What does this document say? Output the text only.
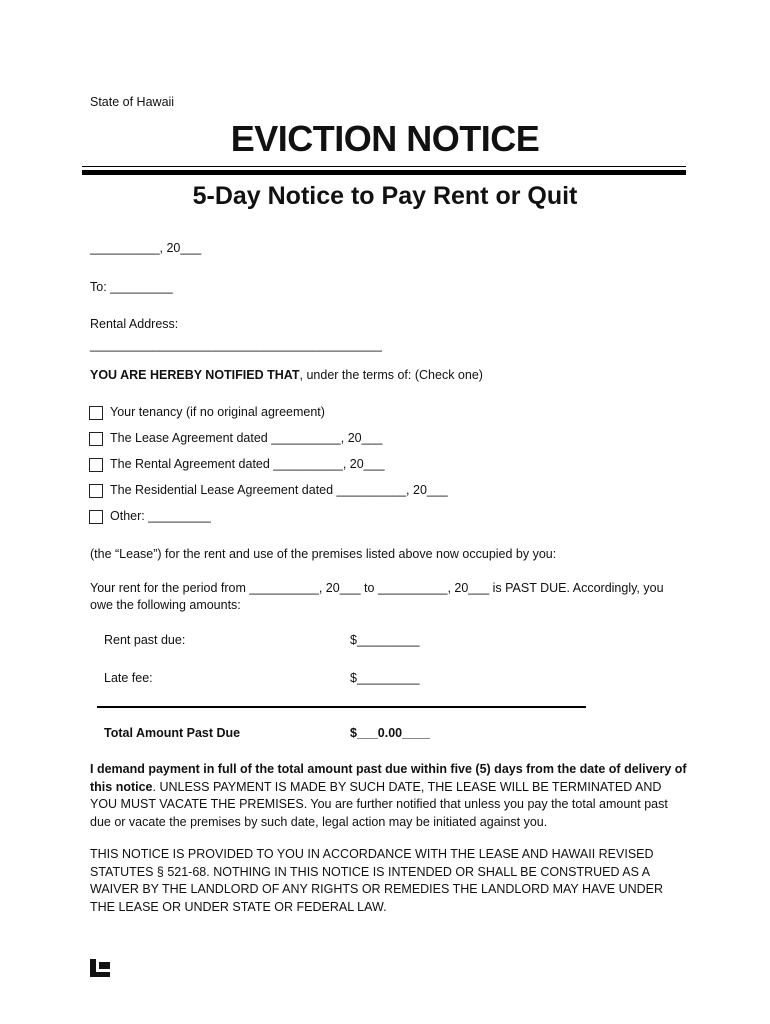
State of Hawaii
EVICTION NOTICE
5-Day Notice to Pay Rent or Quit
__________, 20___
To: _________
Rental Address:
__________________________________________
YOU ARE HEREBY NOTIFIED THAT, under the terms of: (Check one)
Your tenancy (if no original agreement)
The Lease Agreement dated __________, 20___
The Rental Agreement dated __________, 20___
The Residential Lease Agreement dated __________, 20___
Other: _________
(the “Lease”) for the rent and use of the premises listed above now occupied by you:
Your rent for the period from __________, 20___ to __________, 20___ is PAST DUE. Accordingly, you owe the following amounts:
Rent past due:	$_________
Late fee:	$_________
Total Amount Past Due	$___0.00____
I demand payment in full of the total amount past due within five (5) days from the date of delivery of this notice. UNLESS PAYMENT IS MADE BY SUCH DATE, THE LEASE WILL BE TERMINATED AND YOU MUST VACATE THE PREMISES. You are further notified that unless you pay the total amount past due or vacate the premises by such date, legal action may be initiated against you.
THIS NOTICE IS PROVIDED TO YOU IN ACCORDANCE WITH THE LEASE AND HAWAII REVISED STATUTES § 521-68. NOTHING IN THIS NOTICE IS INTENDED OR SHALL BE CONSTRUED AS A WAIVER BY THE LANDLORD OF ANY RIGHTS OR REMEDIES THE LANDLORD MAY HAVE UNDER THE LEASE OR UNDER STATE OR FEDERAL LAW.
